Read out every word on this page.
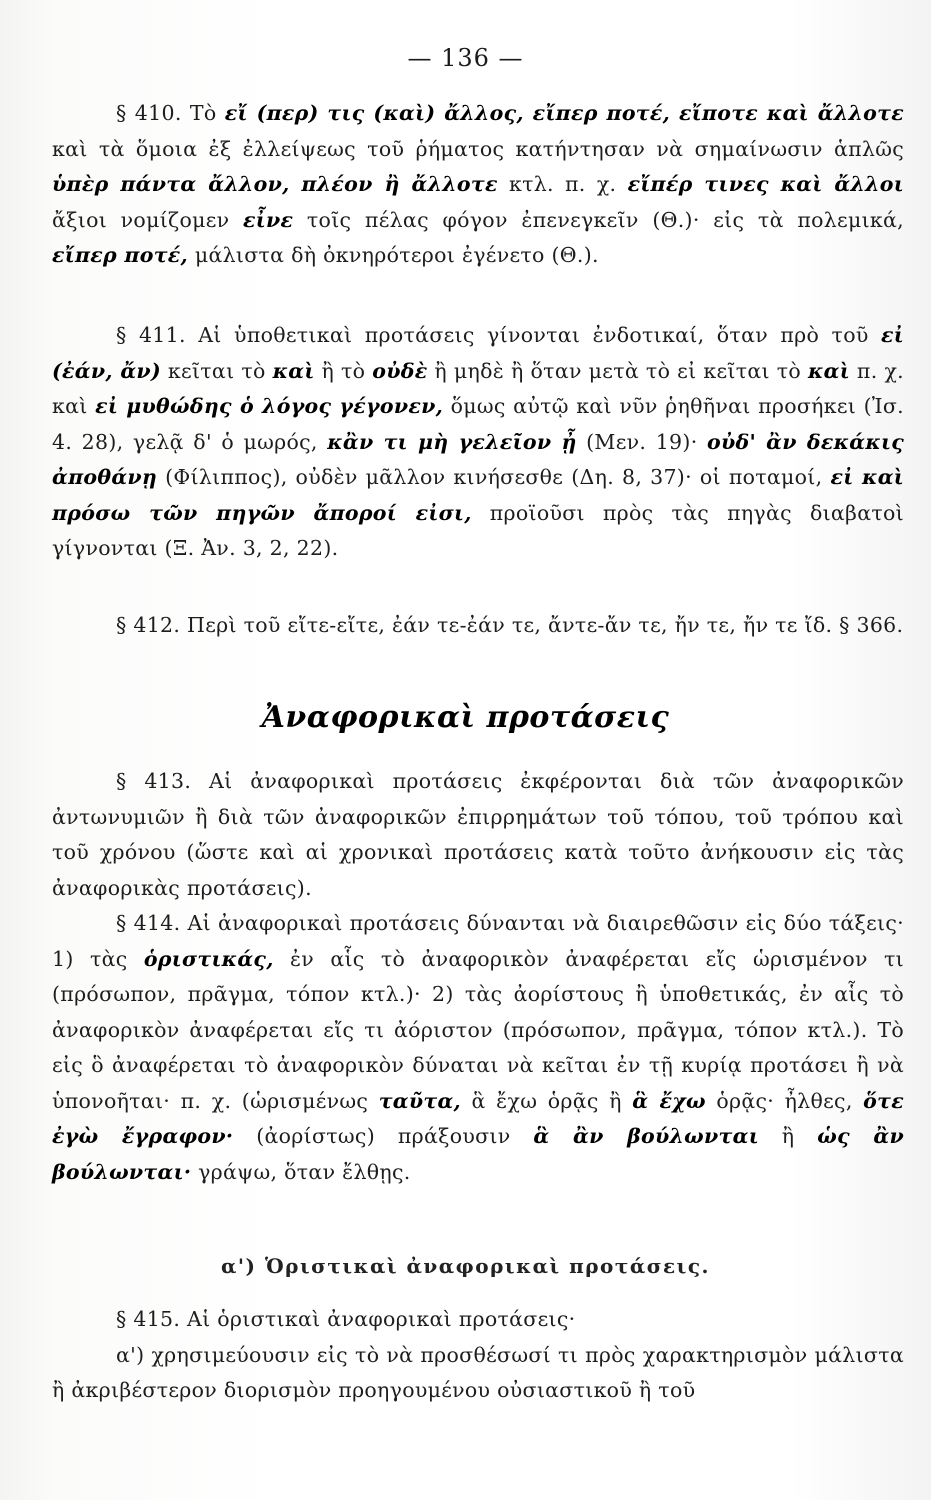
— 136 —
§ 410. Τὸ εἴ (περ) τις (καὶ) ἄλλος, εἴπερ ποτέ, εἴποτε καὶ ἄλλοτε καὶ τὰ ὅμοια ἐξ ἐλλείψεως τοῦ ῥήματος κατήντησαν νὰ σημαίνωσιν ἁπλῶς ὑπὲρ πάντα ἄλλον, πλέον ἢ ἄλλοτε κτλ. π. χ. εἴπέρ τινες καὶ ἄλλοι ἄξιοι νομίζομεν εἶνε τοῖς πέλας φόγον ἐπενεγκεῖν (Θ.)· εἰς τὰ πολεμικά, εἴπερ ποτέ, μάλιστα δὴ ὀκνηρότεροι ἐγένετο (Θ.).
§ 411. Αἱ ὑποθετικαὶ προτάσεις γίνονται ἐνδοτικαί, ὅταν πρὸ τοῦ εἰ (ἐάν, ἄν) κεῖται τὸ καὶ ἢ τὸ οὐδὲ ἢ μηδὲ ἢ ὅταν μετὰ τὸ εἰ κεῖται τὸ καὶ π. χ. καὶ εἰ μυθώδης ὁ λόγος γέγονεν, ὅμως αὐτῷ καὶ νῦν ῥηθῆναι προσήκει (Ἰσ. 4. 28), γελᾷ δ' ὁ μωρός, κἂν τι μὴ γελεῖον ᾖ (Μεν. 19)· οὐδ' ἂν δεκάκις ἀποθάνῃ (Φίλιππος), οὐδὲν μᾶλλον κινήσεσθε (Δη. 8, 37)· οἱ ποταμοί, εἰ καὶ πρόσω τῶν πηγῶν ἄποροί εἰσι, προϊοῦσι πρὸς τὰς πηγὰς διαβατοὶ γίγνονται (Ξ. Ἀν. 3, 2, 22).
§ 412. Περὶ τοῦ εἴτε-εἴτε, ἐάν τε-ἐάν τε, ἄντε-ἄν τε, ἤν τε, ἤν τε ἴδ. § 366.
Ἀναφορικαὶ προτάσεις
§ 413. Αἱ ἀναφορικαὶ προτάσεις ἐκφέρονται διὰ τῶν ἀναφορικῶν ἀντωνυμιῶν ἢ διὰ τῶν ἀναφορικῶν ἐπιρρημάτων τοῦ τόπου, τοῦ τρόπου καὶ τοῦ χρόνου (ὥστε καὶ αἱ χρονικαὶ προτάσεις κατὰ τοῦτο ἀνήκουσιν εἰς τὰς ἀναφορικὰς προτάσεις).
§ 414. Αἱ ἀναφορικαὶ προτάσεις δύνανται νὰ διαιρεθῶσιν εἰς δύο τάξεις· 1) τὰς ὁριστικάς, ἐν αἷς τὸ ἀναφορικὸν ἀναφέρεται εἴς ὡρισμένον τι (πρόσωπον, πρᾶγμα, τόπον κτλ.)· 2) τὰς ἀορίστους ἢ ὑποθετικάς, ἐν αἷς τὸ ἀναφορικὸν ἀναφέρεται εἴς τι ἀόριστον (πρόσωπον, πρᾶγμα, τόπον κτλ.). Τὸ εἰς ὃ ἀναφέρεται τὸ ἀναφορικὸν δύναται νὰ κεῖται ἐν τῇ κυρίᾳ προτάσει ἢ νὰ ὑπονοῆται· π. χ. (ὡρισμένως ταῦτα, ἃ ἔχω ὁρᾷς ἢ ἃ ἔχω ὁρᾷς· ἦλθες, ὅτε ἐγὼ ἔγραφον· (ἀορίστως) πράξουσιν ἃ ἂν βούλωνται ἢ ὡς ἂν βούλωνται· γράψω, ὅταν ἔλθῃς.
α') Ὁριστικαὶ ἀναφορικαὶ προτάσεις.
§ 415. Αἱ ὁριστικαὶ ἀναφορικαὶ προτάσεις·
α') χρησιμεύουσιν εἰς τὸ νὰ προσθέσωσί τι πρὸς χαρακτηρισμὸν μάλιστα ἢ ἀκριβέστερον διορισμὸν προηγουμένου οὐσιαστικοῦ ἢ τοῦ
